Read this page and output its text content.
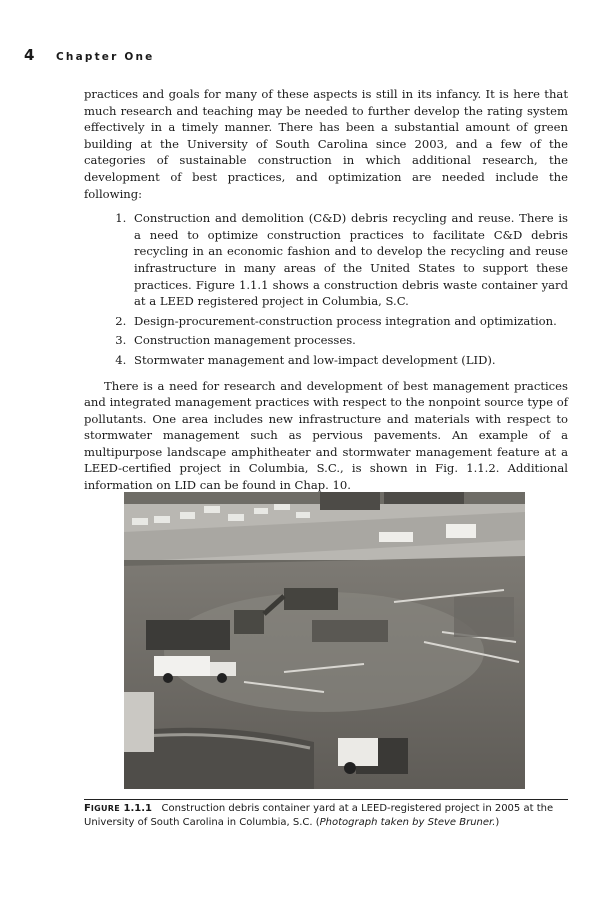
4	Chapter One

practices and goals for many of these aspects is still in its infancy. It is here that much research and teaching may be needed to further develop the rating system effectively in a timely manner. There has been a substantial amount of green building at the University of South Carolina since 2003, and a few of the categories of sustainable construction in which additional research, the development of best practices, and optimization are needed include the following:

1. Construction and demolition (C&D) debris recycling and reuse. There is a need to optimize construction practices to facilitate C&D debris recycling in an economic fashion and to develop the recycling and reuse infrastructure in many areas of the United States to support these practices. Figure 1.1.1 shows a construction debris waste container yard at a LEED registered project in Columbia, S.C.
2. Design-procurement-construction process integration and optimization.
3. Construction management processes.
4. Stormwater management and low-impact development (LID).

There is a need for research and development of best management practices and integrated management practices with respect to the nonpoint source type of pollutants. One area includes new infrastructure and materials with respect to stormwater management such as pervious pavements. An example of a multipurpose landscape amphitheater and stormwater management feature at a LEED-certified project in Columbia, S.C., is shown in Fig. 1.1.2. Additional information on LID can be found in Chap. 10.

FIGURE 1.1.1 Construction debris container yard at a LEED-registered project in 2005 at the University of South Carolina in Columbia, S.C. (Photograph taken by Steve Bruner.)
